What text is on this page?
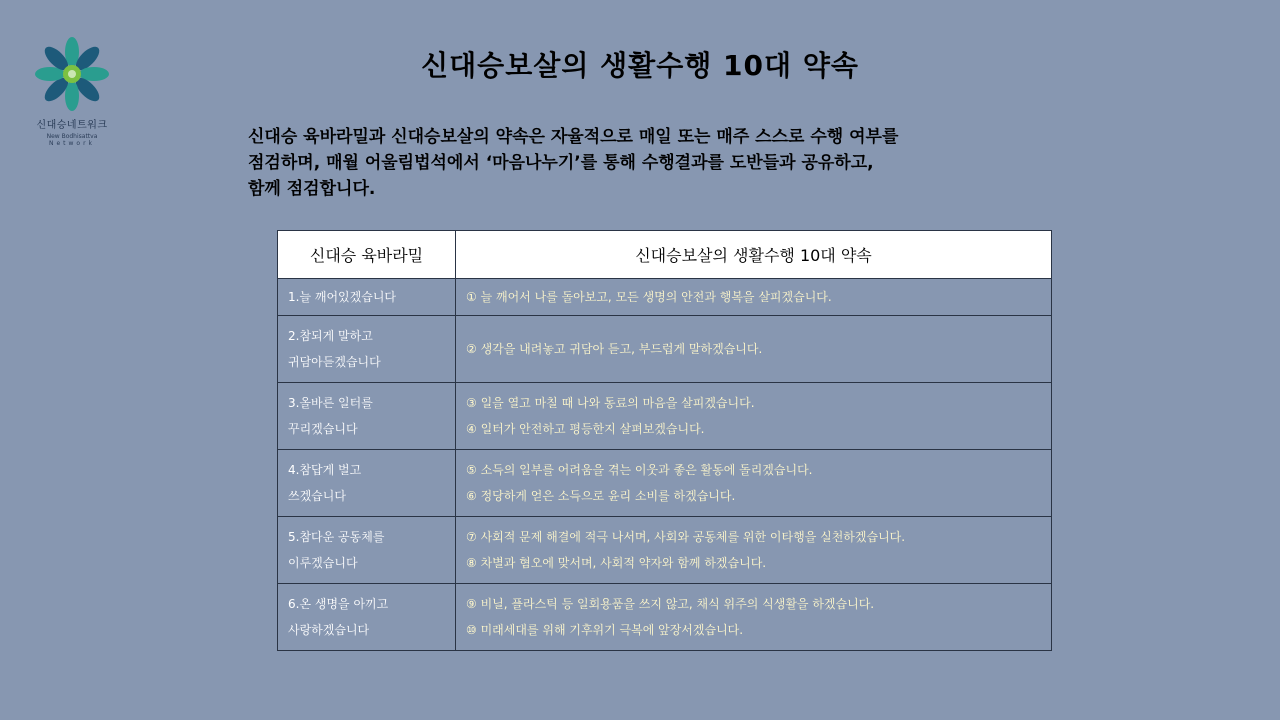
신대승네트워크
New Bodhisattva
Network
신대승보살의 생활수행 10대 약속

신대승 육바라밀과 신대승보살의 약속은 자율적으로 매일 또는 매주 스스로 수행 여부를

점검하며, 매월 어울림법석에서 ‘마음나누기’를 통해 수행결과를 도반들과 공유하고,

함께 점검합니다.

신대승 육바라밀	신대승보살의 생활수행 10대 약속

1.늘 깨어있겠습니다	① 늘 깨어서 나를 돌아보고, 모든 생명의 안전과 행복을 살피겠습니다.

2.참되게 말하고
귀담아듣겠습니다	② 생각을 내려놓고 귀담아 듣고, 부드럽게 말하겠습니다.

3.올바른 일터를
꾸리겠습니다	③ 일을 열고 마칠 때 나와 동료의 마음을 살피겠습니다.
④ 일터가 안전하고 평등한지 살펴보겠습니다.

4.참답게 벌고
쓰겠습니다	⑤ 소득의 일부를 어려움을 겪는 이웃과 좋은 활동에 돌리겠습니다.
⑥ 정당하게 얻은 소득으로 윤리 소비를 하겠습니다.

5.참다운 공동체를
이루겠습니다	⑦ 사회적 문제 해결에 적극 나서며, 사회와 공동체를 위한 이타행을 실천하겠습니다.
⑧ 차별과 혐오에 맞서며, 사회적 약자와 함께 하겠습니다.

6.온 생명을 아끼고
사랑하겠습니다	⑨ 비닐, 플라스틱 등 일회용품을 쓰지 않고, 채식 위주의 식생활을 하겠습니다.
⑩ 미래세대를 위해 기후위기 극복에 앞장서겠습니다.
